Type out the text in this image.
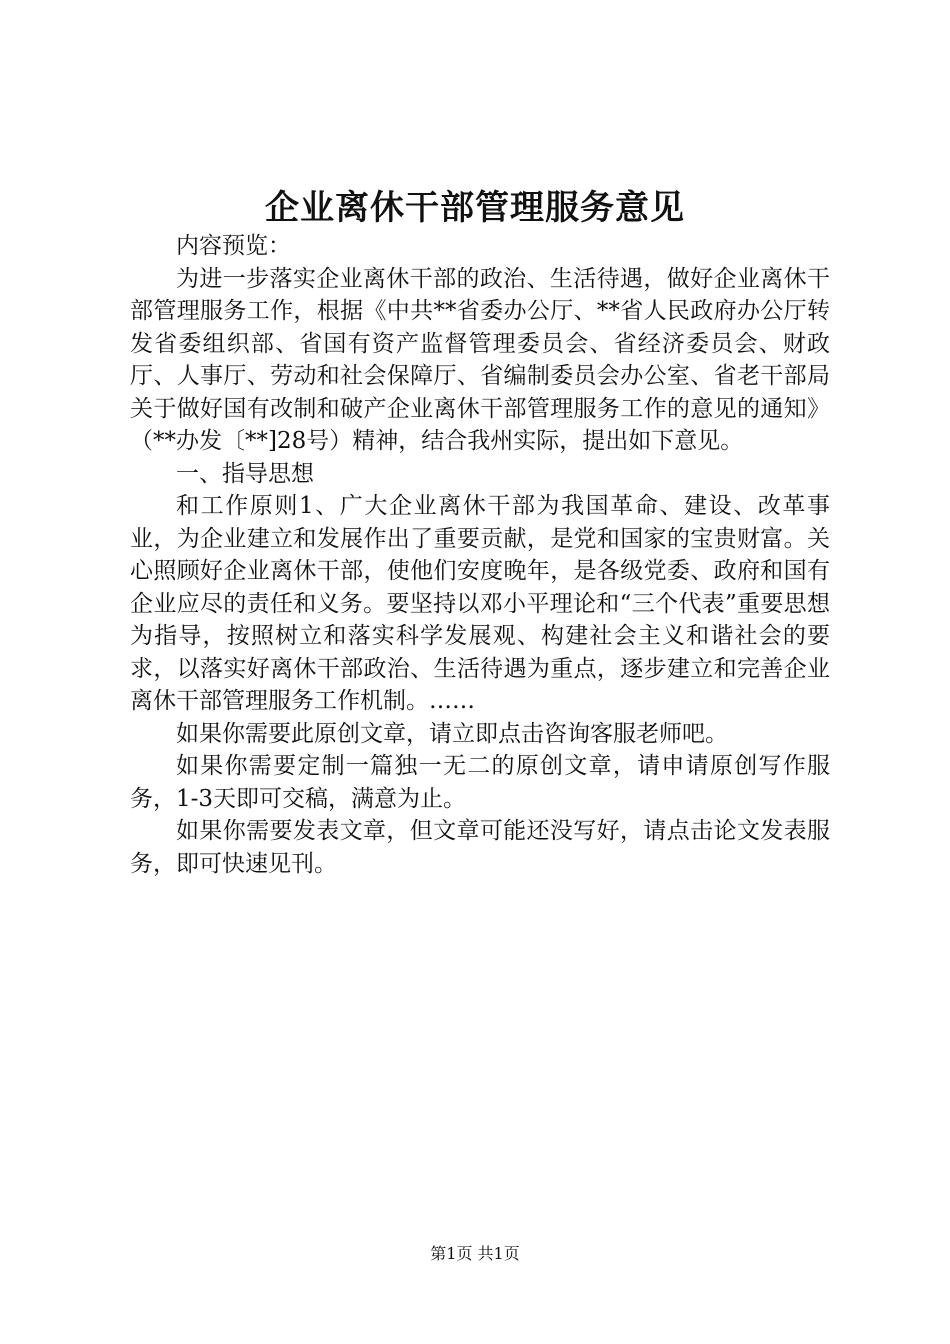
企业离休干部管理服务意见

内容预览：

为进一步落实企业离休干部的政治、生活待遇，做好企业离休干部管理服务工作，根据《中共**省委办公厅、**省人民政府办公厅转发省委组织部、省国有资产监督管理委员会、省经济委员会、财政厅、人事厅、劳动和社会保障厅、省编制委员会办公室、省老干部局关于做好国有改制和破产企业离休干部管理服务工作的意见的通知》（**办发〔**]28号）精神，结合我州实际，提出如下意见。

一、指导思想

和工作原则1、广大企业离休干部为我国革命、建设、改革事业，为企业建立和发展作出了重要贡献，是党和国家的宝贵财富。关心照顾好企业离休干部，使他们安度晚年，是各级党委、政府和国有企业应尽的责任和义务。要坚持以邓小平理论和“三个代表”重要思想为指导，按照树立和落实科学发展观、构建社会主义和谐社会的要求，以落实好离休干部政治、生活待遇为重点，逐步建立和完善企业离休干部管理服务工作机制。……

如果你需要此原创文章，请立即点击咨询客服老师吧。

如果你需要定制一篇独一无二的原创文章，请申请原创写作服务，1-3天即可交稿，满意为止。

如果你需要发表文章，但文章可能还没写好，请点击论文发表服务，即可快速见刊。

第1页 共1页
